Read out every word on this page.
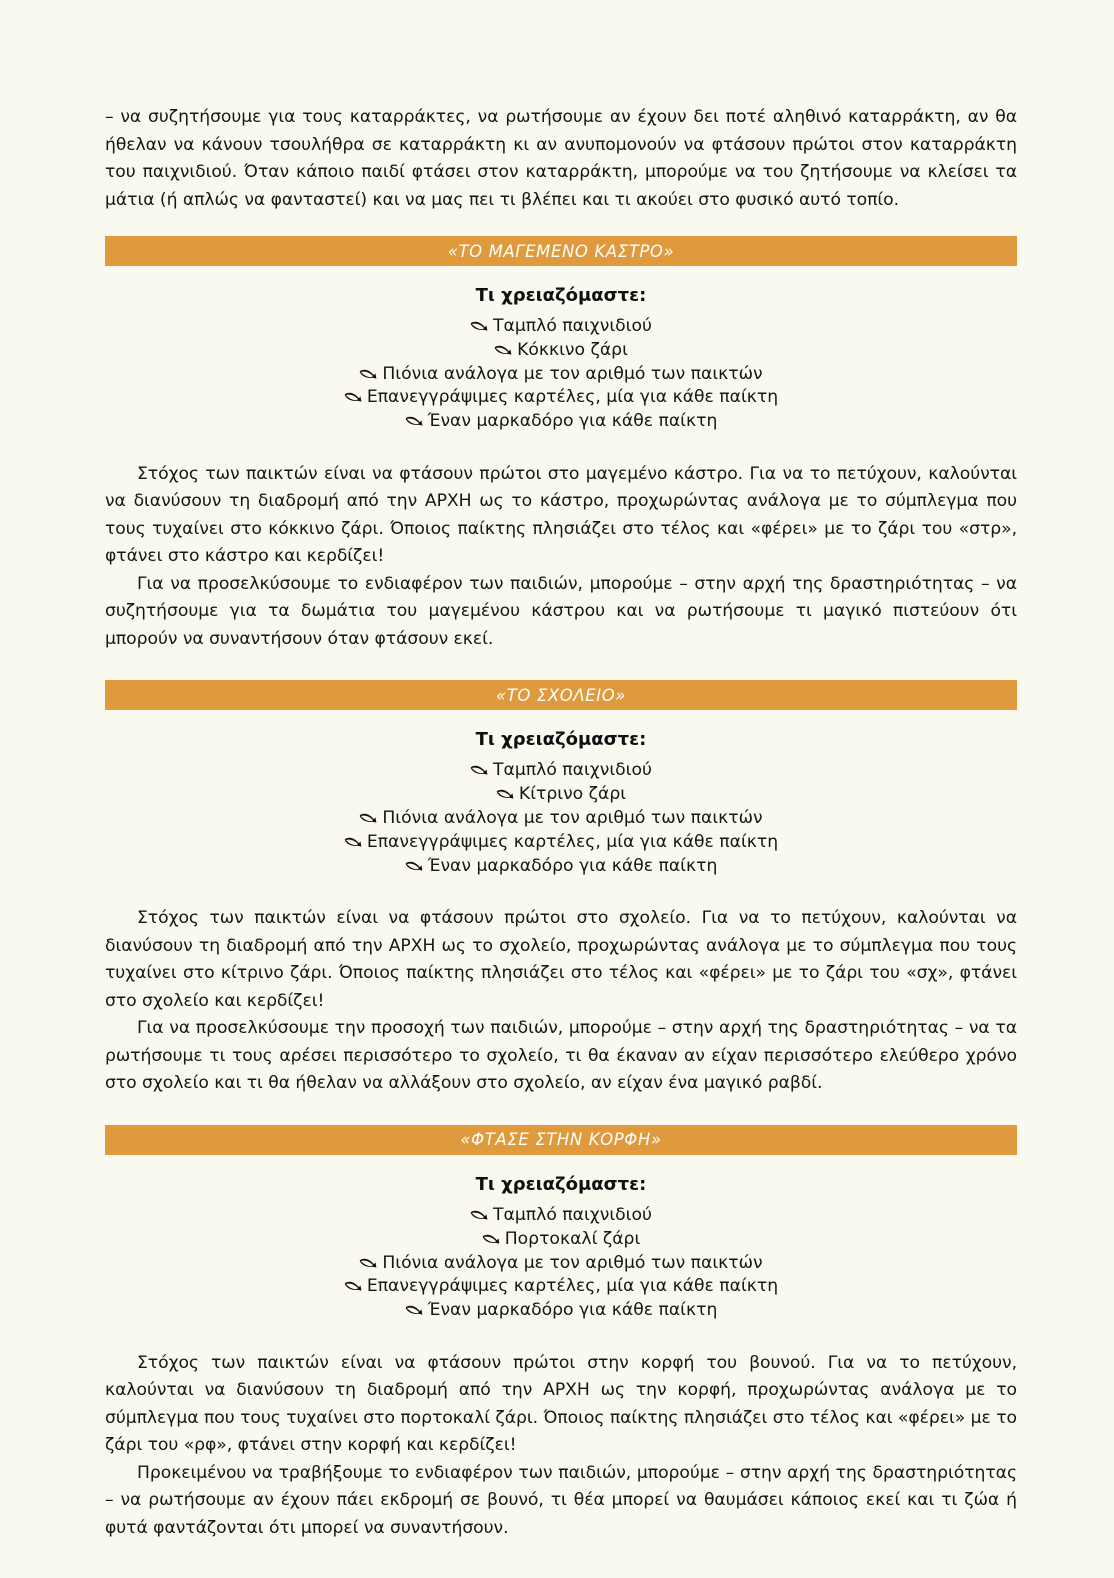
– να συζητήσουμε για τους καταρράκτες, να ρωτήσουμε αν έχουν δει ποτέ αληθινό καταρράκτη, αν θα ήθελαν να κάνουν τσουλήθρα σε καταρράκτη κι αν ανυπομονούν να φτάσουν πρώτοι στον καταρράκτη του παιχνιδιού. Όταν κάποιο παιδί φτάσει στον καταρράκτη, μπορούμε να του ζητήσουμε να κλείσει τα μάτια (ή απλώς να φανταστεί) και να μας πει τι βλέπει και τι ακούει στο φυσικό αυτό τοπίο.

«ΤΟ ΜΑΓΕΜΕΝΟ ΚΑΣΤΡΟ»
Τι χρειαζόμαστε:
Ταμπλό παιχνιδιού
Κόκκινο ζάρι
Πιόνια ανάλογα με τον αριθμό των παικτών
Επανεγγράψιμες καρτέλες, μία για κάθε παίκτη
Έναν μαρκαδόρο για κάθε παίκτη

Στόχος των παικτών είναι να φτάσουν πρώτοι στο μαγεμένο κάστρο. Για να το πετύχουν, καλούνται να διανύσουν τη διαδρομή από την ΑΡΧΗ ως το κάστρο, προχωρώντας ανάλογα με το σύμπλεγμα που τους τυχαίνει στο κόκκινο ζάρι. Όποιος παίκτης πλησιάζει στο τέλος και «φέρει» με το ζάρι του «στρ», φτάνει στο κάστρο και κερδίζει!

Για να προσελκύσουμε το ενδιαφέρον των παιδιών, μπορούμε – στην αρχή της δραστηριότητας – να συζητήσουμε για τα δωμάτια του μαγεμένου κάστρου και να ρωτήσουμε τι μαγικό πιστεύουν ότι μπορούν να συναντήσουν όταν φτάσουν εκεί.

«ΤΟ ΣΧΟΛΕΙΟ»
Τι χρειαζόμαστε:
Ταμπλό παιχνιδιού
Κίτρινο ζάρι
Πιόνια ανάλογα με τον αριθμό των παικτών
Επανεγγράψιμες καρτέλες, μία για κάθε παίκτη
Έναν μαρκαδόρο για κάθε παίκτη

Στόχος των παικτών είναι να φτάσουν πρώτοι στο σχολείο. Για να το πετύχουν, καλούνται να διανύσουν τη διαδρομή από την ΑΡΧΗ ως το σχολείο, προχωρώντας ανάλογα με το σύμπλεγμα που τους τυχαίνει στο κίτρινο ζάρι. Όποιος παίκτης πλησιάζει στο τέλος και «φέρει» με το ζάρι του «σχ», φτάνει στο σχολείο και κερδίζει!

Για να προσελκύσουμε την προσοχή των παιδιών, μπορούμε – στην αρχή της δραστηριότητας – να τα ρωτήσουμε τι τους αρέσει περισσότερο το σχολείο, τι θα έκαναν αν είχαν περισσότερο ελεύθερο χρόνο στο σχολείο και τι θα ήθελαν να αλλάξουν στο σχολείο, αν είχαν ένα μαγικό ραβδί.

«ΦΤΑΣΕ ΣΤΗΝ ΚΟΡΦΗ»
Τι χρειαζόμαστε:
Ταμπλό παιχνιδιού
Πορτοκαλί ζάρι
Πιόνια ανάλογα με τον αριθμό των παικτών
Επανεγγράψιμες καρτέλες, μία για κάθε παίκτη
Έναν μαρκαδόρο για κάθε παίκτη

Στόχος των παικτών είναι να φτάσουν πρώτοι στην κορφή του βουνού. Για να το πετύχουν, καλούνται να διανύσουν τη διαδρομή από την ΑΡΧΗ ως την κορφή, προχωρώντας ανάλογα με το σύμπλεγμα που τους τυχαίνει στο πορτοκαλί ζάρι. Όποιος παίκτης πλησιάζει στο τέλος και «φέρει» με το ζάρι του «ρφ», φτάνει στην κορφή και κερδίζει!

Προκειμένου να τραβήξουμε το ενδιαφέρον των παιδιών, μπορούμε – στην αρχή της δραστηριότητας – να ρωτήσουμε αν έχουν πάει εκδρομή σε βουνό, τι θέα μπορεί να θαυμάσει κάποιος εκεί και τι ζώα ή φυτά φαντάζονται ότι μπορεί να συναντήσουν.
